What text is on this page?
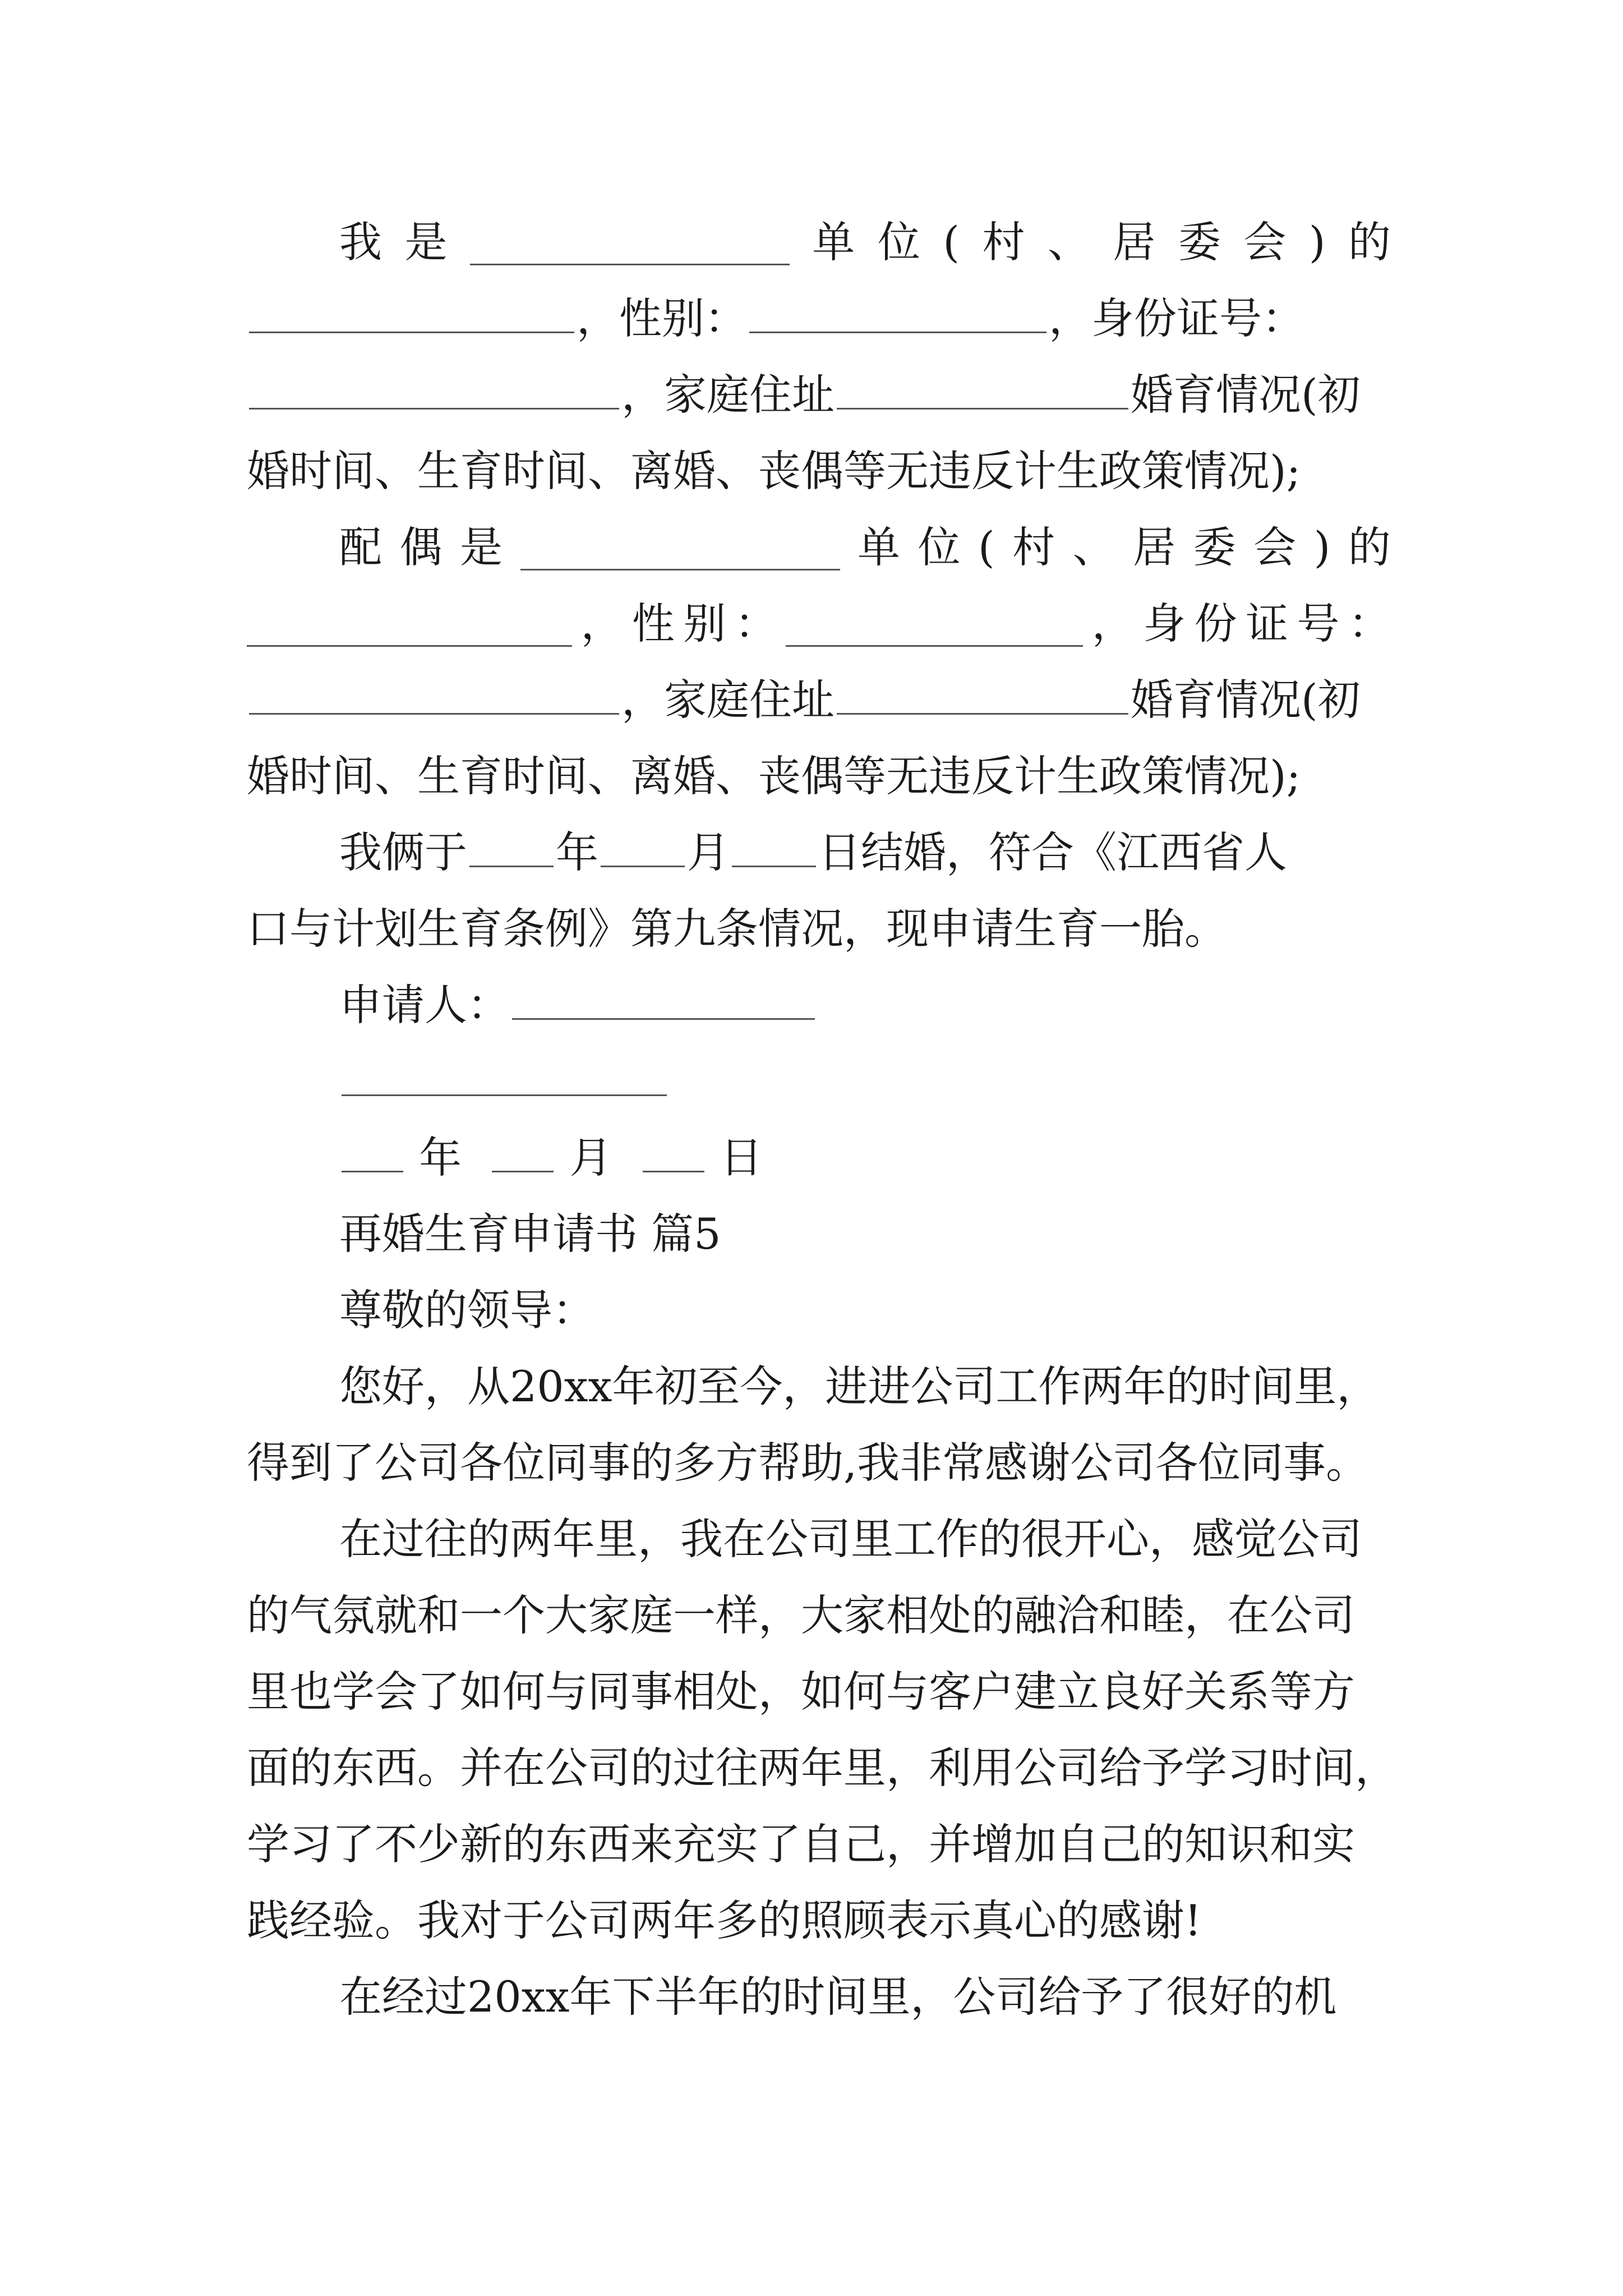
我 是	单 位 ( 村 、 居 委 会 ) 的
，性别：	，身份证号：
，家庭住址	婚育情况(初
婚时间、生育时间、离婚、丧偶等无违反计生政策情况);
配 偶 是	单 位 ( 村 、 居 委 会 ) 的
， 性 别 ：	， 身 份 证 号 ：
，家庭住址	婚育情况(初
婚时间、生育时间、离婚、丧偶等无违反计生政策情况);
我俩于 年 月 日结婚，符合《江西省人
口与计划生育条例》第九条情况，现申请生育一胎。
申请人：
年	月	日
再婚生育申请书 篇5
尊敬的领导：
您好，从20xx年初至今，进进公司工作两年的时间里，
得到了公司各位同事的多方帮助,我非常感谢公司各位同事。
在过往的两年里，我在公司里工作的很开心，感觉公司
的气氛就和一个大家庭一样，大家相处的融洽和睦，在公司
里也学会了如何与同事相处，如何与客户建立良好关系等方
面的东西。并在公司的过往两年里，利用公司给予学习时间，
学习了不少新的东西来充实了自己，并增加自己的知识和实
践经验。我对于公司两年多的照顾表示真心的感谢!
在经过20xx年下半年的时间里，公司给予了很好的机
